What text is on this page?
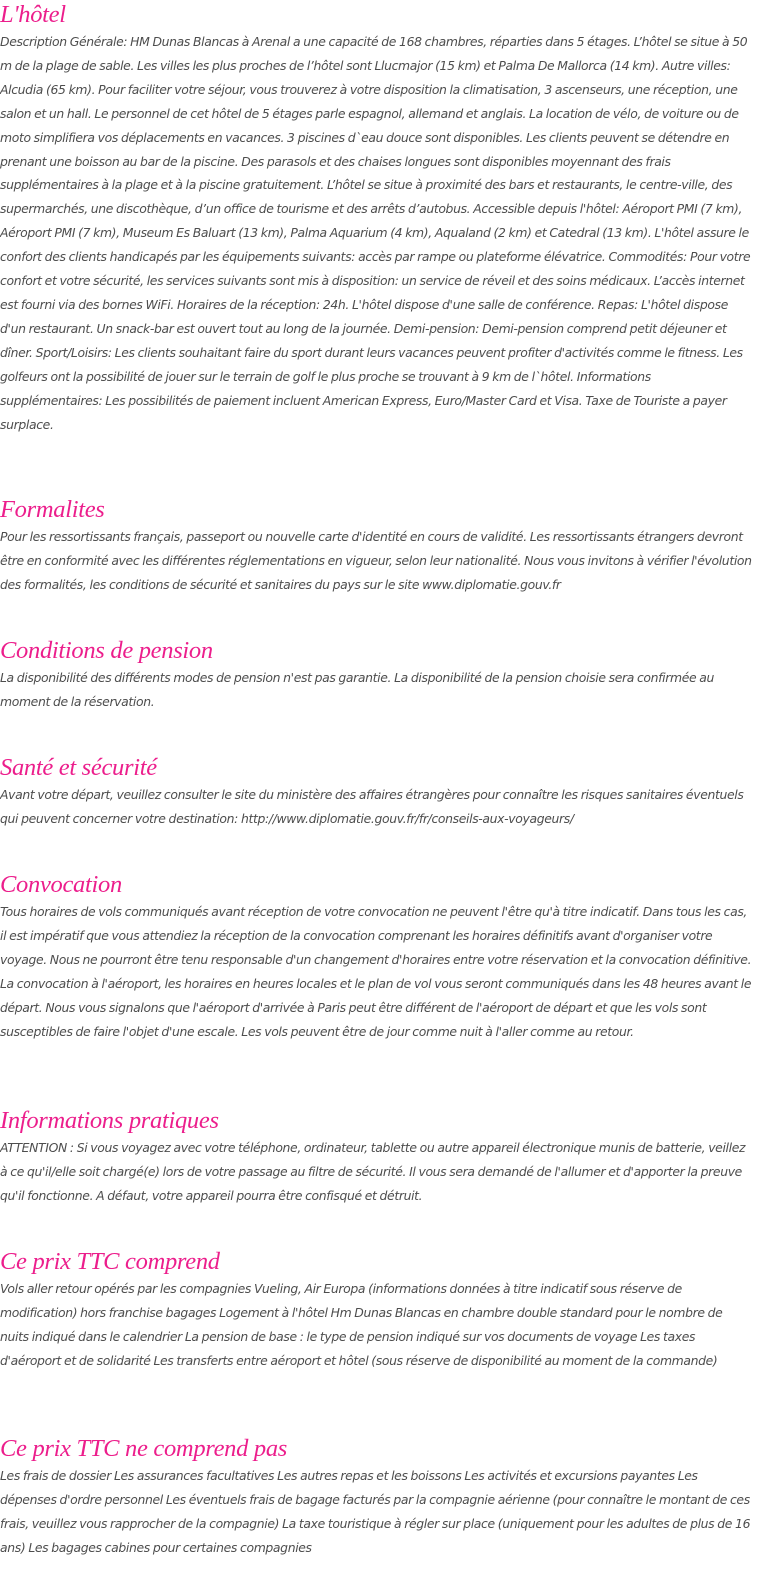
L'hôtel

Description Générale: HM Dunas Blancas à Arenal a une capacité de 168 chambres, réparties dans 5 étages. L’hôtel se situe à 50 m de la plage de sable. Les villes les plus proches de l’hôtel sont Llucmajor (15 km) et Palma De Mallorca (14 km). Autre villes: Alcudia (65 km). Pour faciliter votre séjour, vous trouverez à votre disposition la climatisation, 3 ascenseurs, une réception, une salon et un hall. Le personnel de cet hôtel de 5 étages parle espagnol, allemand et anglais. La location de vélo, de voiture ou de moto simplifiera vos déplacements en vacances. 3 piscines d`eau douce sont disponibles. Les clients peuvent se détendre en prenant une boisson au bar de la piscine. Des parasols et des chaises longues sont disponibles moyennant des frais supplémentaires à la plage et à la piscine gratuitement. L’hôtel se situe à proximité des bars et restaurants, le centre-ville, des supermarchés, une discothèque, d’un office de tourisme et des arrêts d’autobus. Accessible depuis l'hôtel: Aéroport PMI (7 km), Aéroport PMI (7 km), Museum Es Baluart (13 km), Palma Aquarium (4 km), Aqualand (2 km) et Catedral (13 km). L'hôtel assure le confort des clients handicapés par les équipements suivants: accès par rampe ou plateforme élévatrice. Commodités: Pour votre confort et votre sécurité, les services suivants sont mis à disposition: un service de réveil et des soins médicaux. L’accès internet est fourni via des bornes WiFi. Horaires de la réception: 24h. L'hôtel dispose d'une salle de conférence. Repas: L'hôtel dispose d'un restaurant. Un snack-bar est ouvert tout au long de la journée. Demi-pension: Demi-pension comprend petit déjeuner et dîner. Sport/Loisirs: Les clients souhaitant faire du sport durant leurs vacances peuvent profiter d'activités comme le fitness. Les golfeurs ont la possibilité de jouer sur le terrain de golf le plus proche se trouvant à 9 km de l`hôtel. Informations supplémentaires: Les possibilités de paiement incluent American Express, Euro/Master Card et Visa. Taxe de Touriste a payer surplace.

Formalites

Pour les ressortissants français, passeport ou nouvelle carte d'identité en cours de validité. Les ressortissants étrangers devront être en conformité avec les différentes réglementations en vigueur, selon leur nationalité. Nous vous invitons à vérifier l'évolution des formalités, les conditions de sécurité et sanitaires du pays sur le site www.diplomatie.gouv.fr

Conditions de pension

La disponibilité des différents modes de pension n'est pas garantie. La disponibilité de la pension choisie sera confirmée au moment de la réservation.

Santé et sécurité

Avant votre départ, veuillez consulter le site du ministère des affaires étrangères pour connaître les risques sanitaires éventuels qui peuvent concerner votre destination: http://www.diplomatie.gouv.fr/fr/conseils-aux-voyageurs/

Convocation

Tous horaires de vols communiqués avant réception de votre convocation ne peuvent l'être qu'à titre indicatif. Dans tous les cas, il est impératif que vous attendiez la réception de la convocation comprenant les horaires définitifs avant d'organiser votre voyage. Nous ne pourront être tenu responsable d'un changement d'horaires entre votre réservation et la convocation définitive. La convocation à l'aéroport, les horaires en heures locales et le plan de vol vous seront communiqués dans les 48 heures avant le départ. Nous vous signalons que l'aéroport d'arrivée à Paris peut être différent de l'aéroport de départ et que les vols sont susceptibles de faire l'objet d'une escale. Les vols peuvent être de jour comme nuit à l'aller comme au retour.

Informations pratiques

ATTENTION : Si vous voyagez avec votre téléphone, ordinateur, tablette ou autre appareil électronique munis de batterie, veillez à ce qu'il/elle soit chargé(e) lors de votre passage au filtre de sécurité. Il vous sera demandé de l'allumer et d'apporter la preuve qu'il fonctionne. A défaut, votre appareil pourra être confisqué et détruit.

Ce prix TTC comprend

Vols aller retour opérés par les compagnies Vueling, Air Europa (informations données à titre indicatif sous réserve de modification) hors franchise bagages Logement à l'hôtel Hm Dunas Blancas en chambre double standard pour le nombre de nuits indiqué dans le calendrier La pension de base : le type de pension indiqué sur vos documents de voyage Les taxes d'aéroport et de solidarité Les transferts entre aéroport et hôtel (sous réserve de disponibilité au moment de la commande)

Ce prix TTC ne comprend pas

Les frais de dossier Les assurances facultatives Les autres repas et les boissons Les activités et excursions payantes Les dépenses d'ordre personnel Les éventuels frais de bagage facturés par la compagnie aérienne (pour connaître le montant de ces frais, veuillez vous rapprocher de la compagnie) La taxe touristique à régler sur place (uniquement pour les adultes de plus de 16 ans) Les bagages cabines pour certaines compagnies
